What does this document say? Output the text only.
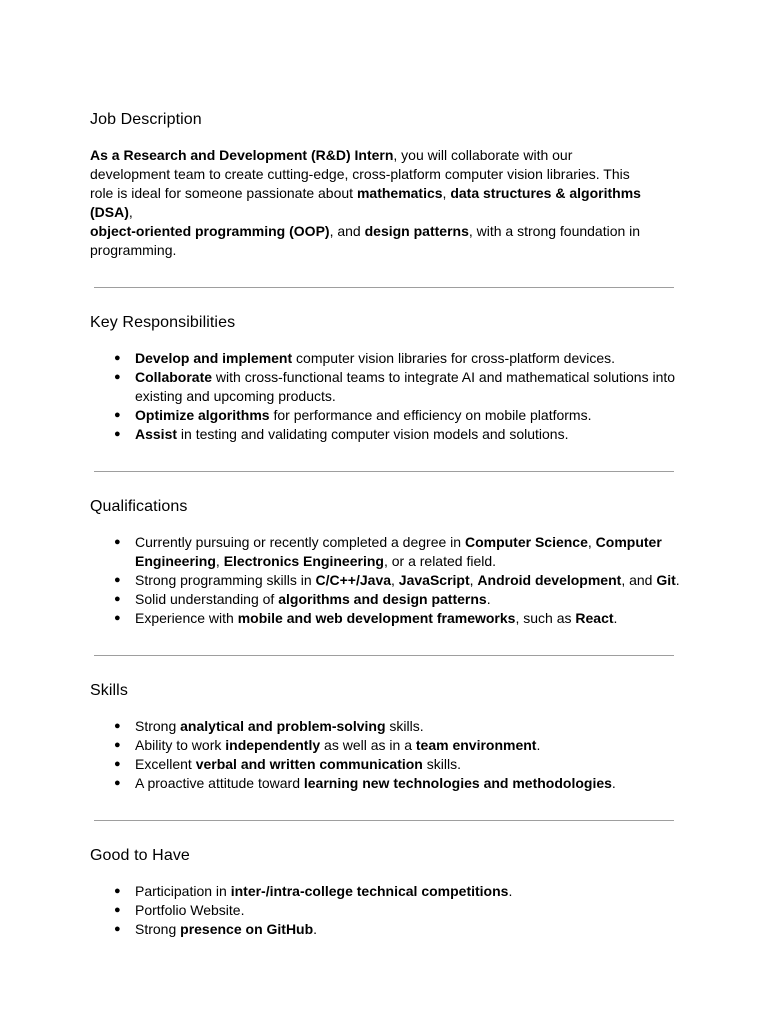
Job Description

As a Research and Development (R&D) Intern, you will collaborate with our development team to create cutting-edge, cross-platform computer vision libraries. This role is ideal for someone passionate about mathematics, data structures & algorithms (DSA),
object-oriented programming (OOP), and design patterns, with a strong foundation in programming.

Key Responsibilities
● Develop and implement computer vision libraries for cross-platform devices.
● Collaborate with cross-functional teams to integrate AI and mathematical solutions into existing and upcoming products.
● Optimize algorithms for performance and efficiency on mobile platforms.
● Assist in testing and validating computer vision models and solutions.
Qualifications
● Currently pursuing or recently completed a degree in Computer Science, Computer Engineering, Electronics Engineering, or a related field.
● Strong programming skills in C/C++/Java, JavaScript, Android development, and Git.
● Solid understanding of algorithms and design patterns.
● Experience with mobile and web development frameworks, such as React.
Skills
● Strong analytical and problem-solving skills.
● Ability to work independently as well as in a team environment.
● Excellent verbal and written communication skills.
● A proactive attitude toward learning new technologies and methodologies.
Good to Have
● Participation in inter-/intra-college technical competitions.
● Portfolio Website.
● Strong presence on GitHub.
